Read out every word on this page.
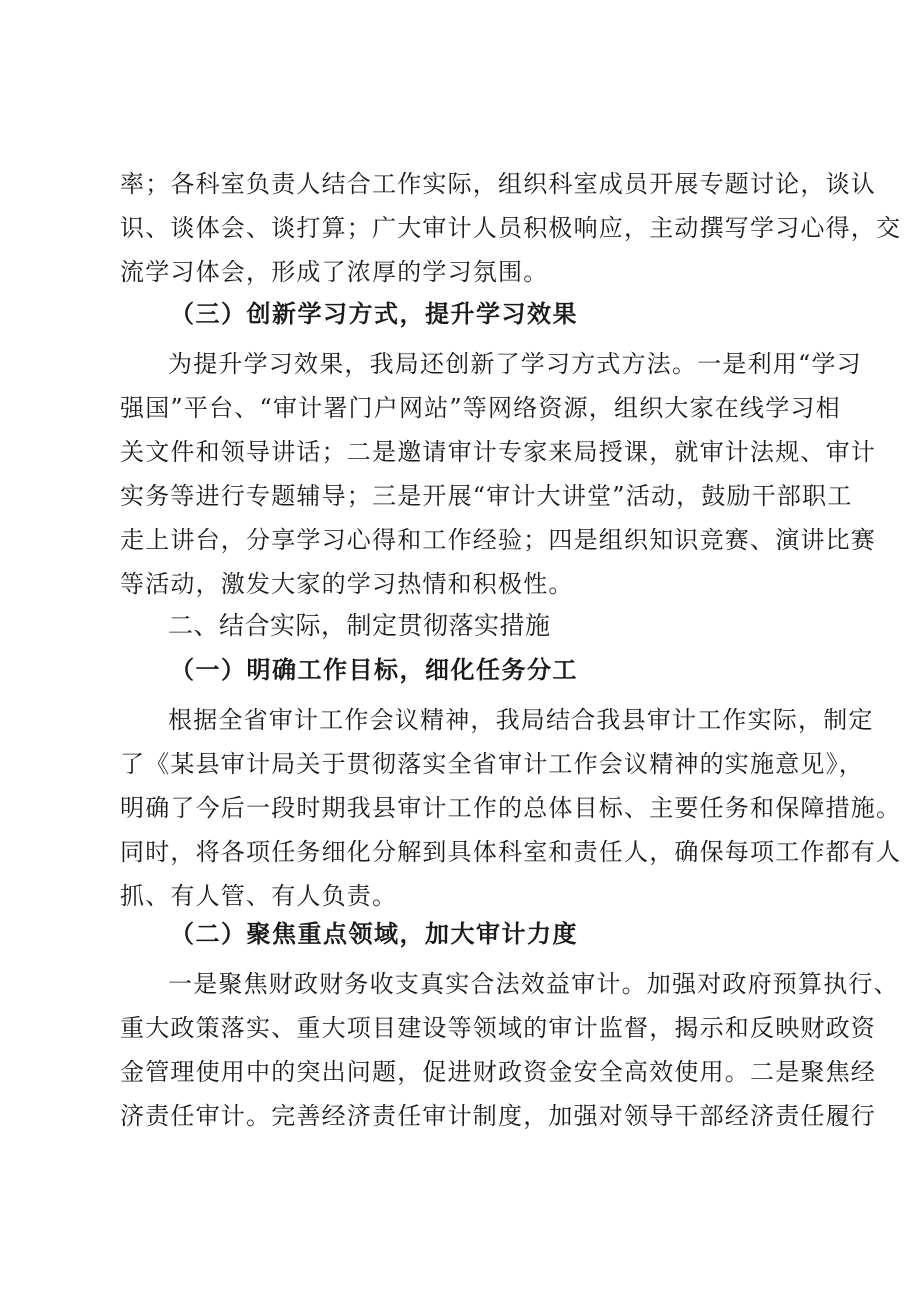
率；各科室负责人结合工作实际，组织科室成员开展专题讨论，谈认
识、谈体会、谈打算；广大审计人员积极响应，主动撰写学习心得，交
流学习体会，形成了浓厚的学习氛围。
（三）创新学习方式，提升学习效果
为提升学习效果，我局还创新了学习方式方法。一是利用“学习
强国”平台、“审计署门户网站”等网络资源，组织大家在线学习相
关文件和领导讲话；二是邀请审计专家来局授课，就审计法规、审计
实务等进行专题辅导；三是开展“审计大讲堂”活动，鼓励干部职工
走上讲台，分享学习心得和工作经验；四是组织知识竞赛、演讲比赛
等活动，激发大家的学习热情和积极性。
二、结合实际，制定贯彻落实措施
（一）明确工作目标，细化任务分工
根据全省审计工作会议精神，我局结合我县审计工作实际，制定
了《某县审计局关于贯彻落实全省审计工作会议精神的实施意见》，
明确了今后一段时期我县审计工作的总体目标、主要任务和保障措施。
同时，将各项任务细化分解到具体科室和责任人，确保每项工作都有人
抓、有人管、有人负责。
（二）聚焦重点领域，加大审计力度
一是聚焦财政财务收支真实合法效益审计。加强对政府预算执行、
重大政策落实、重大项目建设等领域的审计监督，揭示和反映财政资
金管理使用中的突出问题，促进财政资金安全高效使用。二是聚焦经
济责任审计。完善经济责任审计制度，加强对领导干部经济责任履行
